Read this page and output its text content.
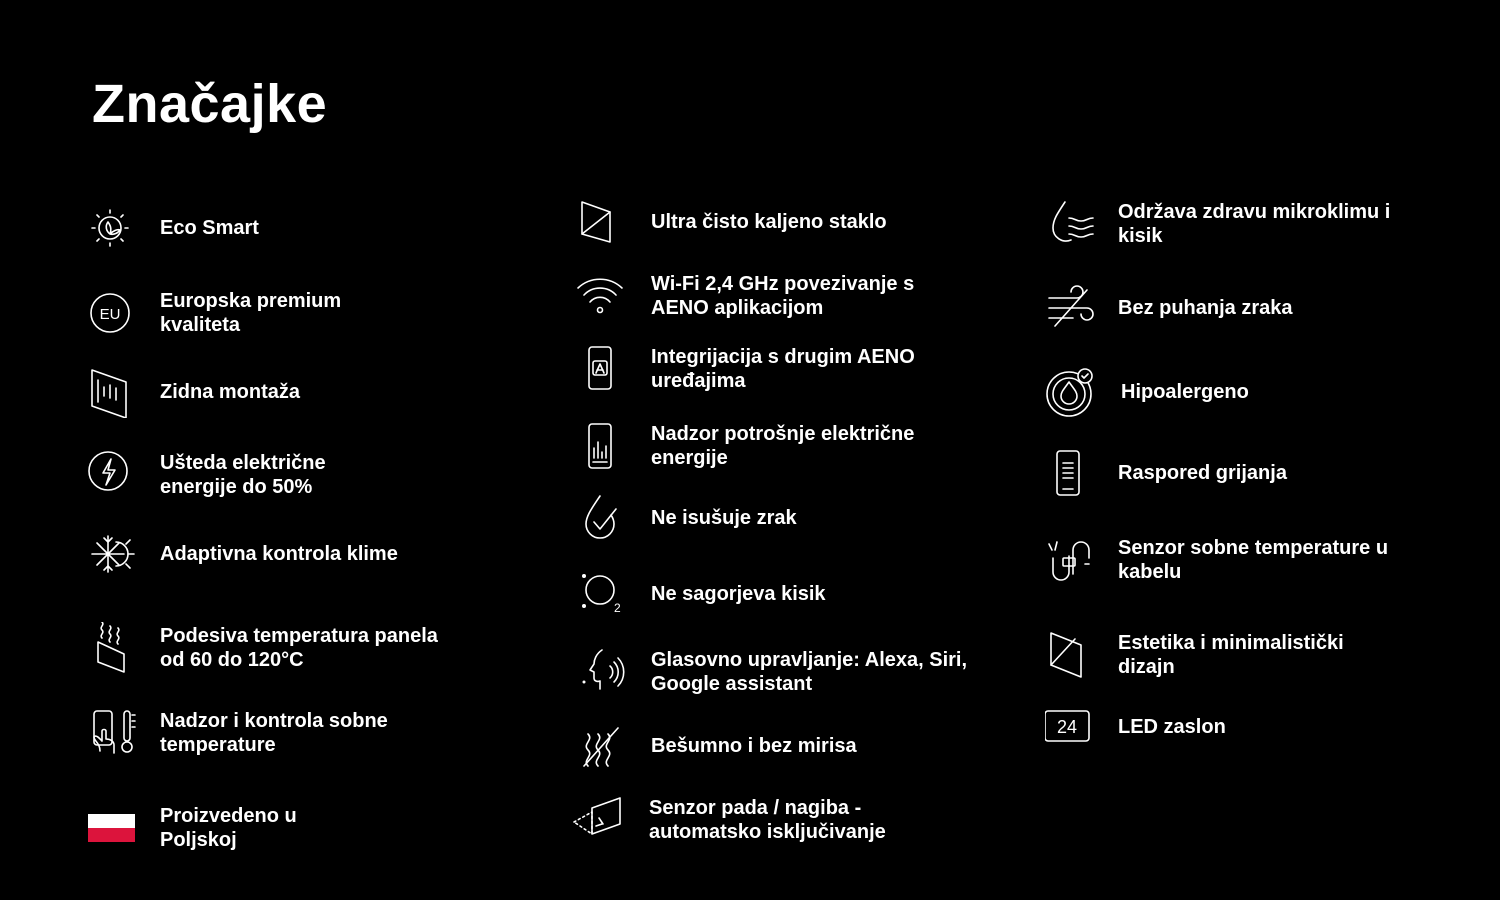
Značajke
Eco Smart
EU
Europska premium
kvaliteta
Zidna montaža
Ušteda električne
energije do 50%
Adaptivna kontrola klime
Podesiva temperatura panela
od 60 do 120°C
Nadzor i kontrola sobne
temperature
Proizvedeno u
Poljskoj
Ultra čisto kaljeno staklo
Wi-Fi 2,4 GHz povezivanje s
AENO aplikacijom
Integrijacija s drugim AENO
uređajima
Nadzor potrošnje električne
energije
Ne isušuje zrak
2
Ne sagorjeva kisik
Glasovno upravljanje: Alexa, Siri,
Google assistant
Bešumno i bez mirisa
Senzor pada / nagiba -
automatsko isključivanje
Održava zdravu mikroklimu i
kisik
Bez puhanja zraka
Hipoalergeno
Raspored grijanja
Senzor sobne temperature u
kabelu
Estetika i minimalistički
dizajn
24 LED zaslon
